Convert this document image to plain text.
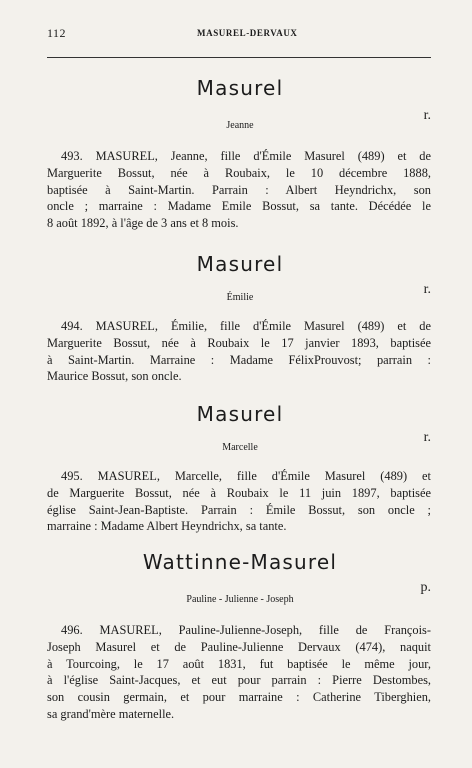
112	MASUREL-DERVAUX
Masurel
r.
Jeanne
493. MASUREL, Jeanne, fille d'Émile Masurel (489) et de
Marguerite Bossut, née à Roubaix, le 10 décembre 1888,
baptisée à Saint-Martin. Parrain : Albert Heyndrichx, son
oncle ; marraine : Madame Emile Bossut, sa tante. Décédée le
8 août 1892, à l'âge de 3 ans et 8 mois.
Masurel
r.
Émilie
494. MASUREL, Émilie, fille d'Émile Masurel (489) et de
Marguerite Bossut, née à Roubaix le 17 janvier 1893, baptisée
à Saint-Martin. Marraine : Madame FélixProuvost; parrain :
Maurice Bossut, son oncle.
Masurel
r.
Marcelle
495. MASUREL, Marcelle, fille d'Émile Masurel (489) et
de Marguerite Bossut, née à Roubaix le 11 juin 1897, baptisée
église Saint-Jean-Baptiste. Parrain : Émile Bossut, son oncle ;
marraine : Madame Albert Heyndrichx, sa tante.
Wattinne-Masurel
p.
Pauline - Julienne - Joseph
496. MASUREL, Pauline-Julienne-Joseph, fille de François-
Joseph Masurel et de Pauline-Julienne Dervaux (474), naquit
à Tourcoing, le 17 août 1831, fut baptisée le même jour,
à l'église Saint-Jacques, et eut pour parrain : Pierre Destombes,
son cousin germain, et pour marraine : Catherine Tiberghien,
sa grand'mère maternelle.
